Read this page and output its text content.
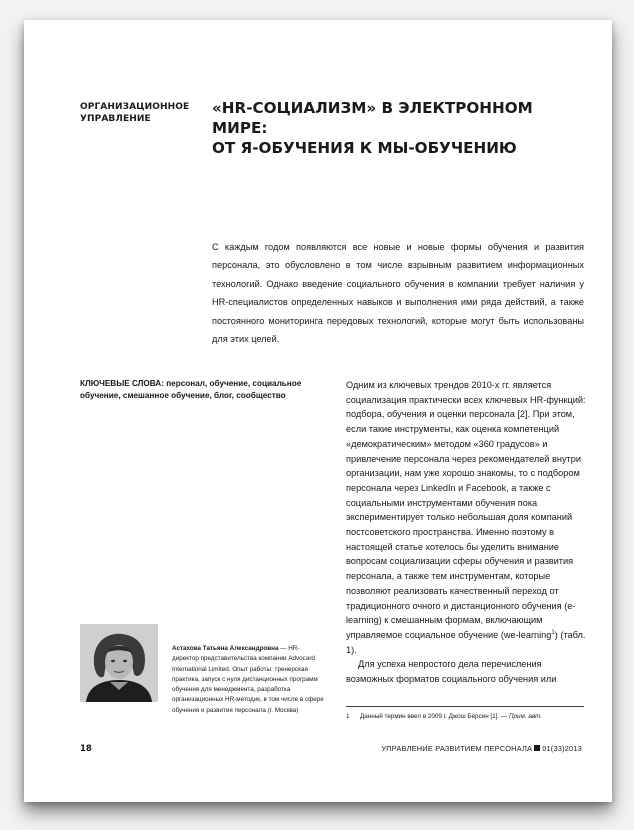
ОРГАНИЗАЦИОННОЕ УПРАВЛЕНИЕ
«HR-СОЦИАЛИЗМ» В ЭЛЕКТРОННОМ МИРЕ:
ОТ Я-ОБУЧЕНИЯ К МЫ-ОБУЧЕНИЮ
С каждым годом появляются все новые и новые формы обучения и развития персонала, это обусловлено в том числе взрывным развитием информационных технологий. Однако введение социального обучения в компании требует наличия у HR-специалистов определенных навыков и выполнения ими ряда действий, а также постоянного мониторинга передовых технологий, которые могут быть использованы для этих целей.
КЛЮЧЕВЫЕ СЛОВА: персонал, обучение, социальное обучение, смешанное обучение, блог, сообщество

Одним из ключевых трендов 2010-х гг. является социализация практически всех ключевых HR-функций: подбора, обучения и оценки персонала [2]. При этом, если такие инструменты, как оценка компетенций «демократическим» методом «360 градусов» и привлечение персонала через рекомендателей внутри организации, нам уже хорошо знакомы, то с подбором персонала через LinkedIn и Facebook, а также с социальными инструментами обучения пока экспериментирует только небольшая доля компаний постсоветского пространства. Именно поэтому в настоящей статье хотелось бы уделить внимание вопросам социализации сферы обучения и развития персонала, а также тем инструментам, которые позволяют реализовать качественный переход от традиционного очного и дистанционного обучения (e-learning) к смешанным формам, включающим управляемое социальное обучение (we-learning$^1$) (табл. 1).

Для успеха непростого дела перечисления возможных форматов социального обучения или

Астахова Татьяна Александровна — HR-директор представительства компании Advocard International Limited. Опыт работы: тренерская практика, запуск с нуля дистанционных программ обучения для менеджмента, разработка организационных HR-методик, в том числе в сфере обучения и развития персонала (г. Москва)
1 Данный термин ввел в 2009 г. Джош Берсин [1]. — Прим. авт.
18	УПРАВЛЕНИЕ РАЗВИТИЕМ ПЕРСОНАЛА 01(33)2013
